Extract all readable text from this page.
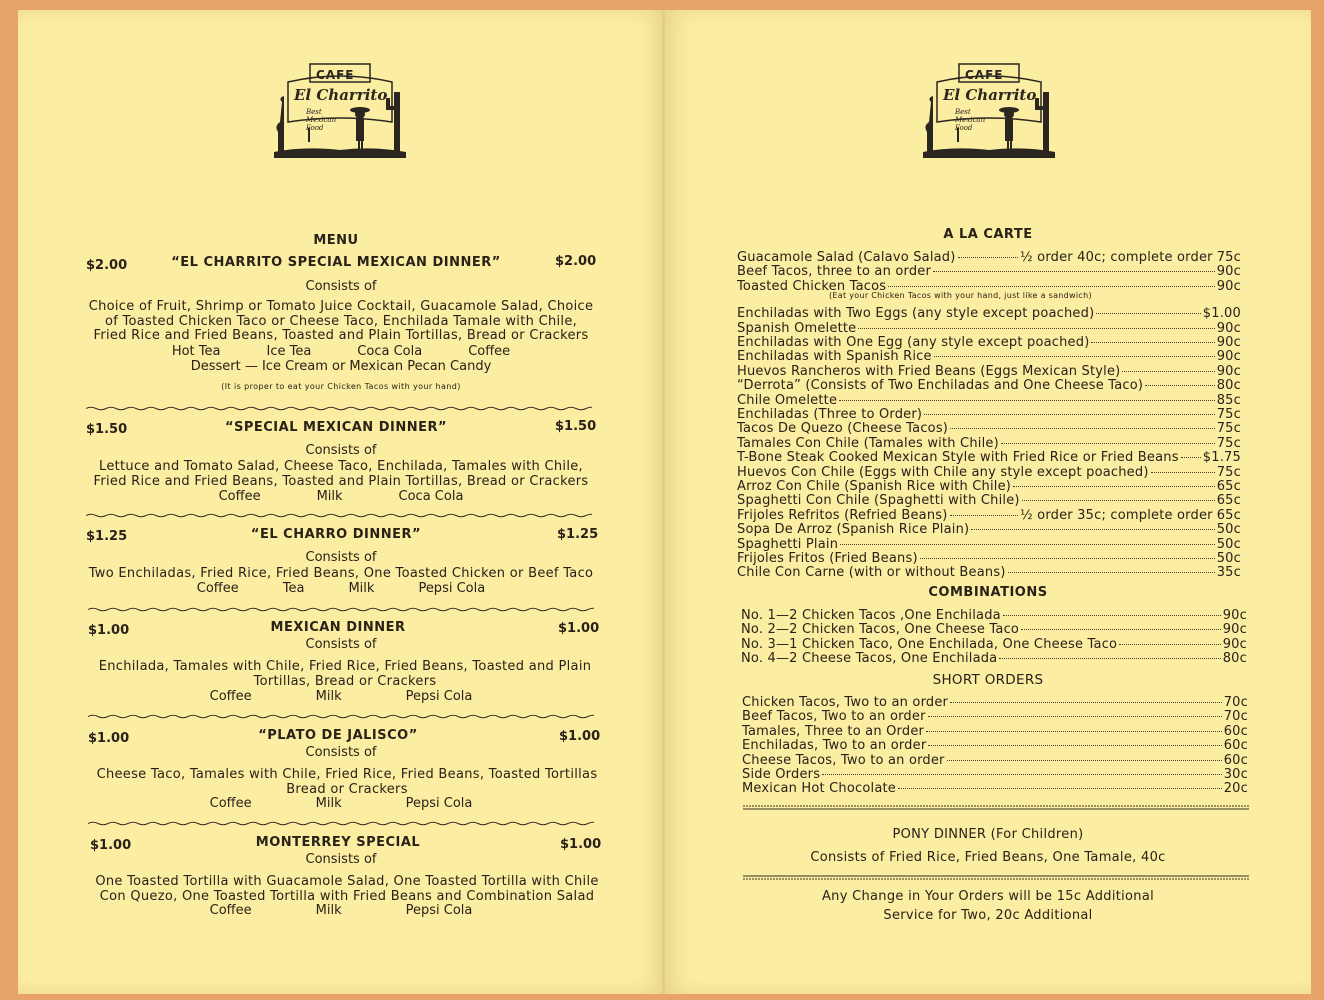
CAFE
El Charrito
Best Mexican Food
MENU
$2.00	“EL CHARRITO SPECIAL MEXICAN DINNER”	$2.00
Consists of
Choice of Fruit, Shrimp or Tomato Juice Cocktail, Guacamole Salad, Choice
of Toasted Chicken Taco or Cheese Taco, Enchilada Tamale with Chile,
Fried Rice and Fried Beans, Toasted and Plain Tortillas, Bread or Crackers
Hot Tea	Ice Tea	Coca Cola	Coffee
Dessert — Ice Cream or Mexican Pecan Candy
(It is proper to eat your Chicken Tacos with your hand)
$1.50	“SPECIAL MEXICAN DINNER”	$1.50
Consists of
Lettuce and Tomato Salad, Cheese Taco, Enchilada, Tamales with Chile,
Fried Rice and Fried Beans, Toasted and Plain Tortillas, Bread or Crackers
Coffee	Milk	Coca Cola
$1.25	“EL CHARRO DINNER”	$1.25
Consists of
Two Enchiladas, Fried Rice, Fried Beans, One Toasted Chicken or Beef Taco
Coffee	Tea	Milk	Pepsi Cola
$1.00	MEXICAN DINNER	$1.00
Consists of
Enchilada, Tamales with Chile, Fried Rice, Fried Beans, Toasted and Plain
Tortillas, Bread or Crackers
Coffee	Milk	Pepsi Cola
$1.00	“PLATO DE JALISCO”	$1.00
Consists of
Cheese Taco, Tamales with Chile, Fried Rice, Fried Beans, Toasted Tortillas
Bread or Crackers
Coffee	Milk	Pepsi Cola
$1.00	MONTERREY SPECIAL	$1.00
Consists of
One Toasted Tortilla with Guacamole Salad, One Toasted Tortilla with Chile
Con Quezo, One Toasted Tortilla with Fried Beans and Combination Salad
Coffee	Milk	Pepsi Cola
CAFE
El Charrito
Best Mexican Food
A LA CARTE
Guacamole Salad (Calavo Salad)	½ order 40c; complete order 75c
Beef Tacos, three to an order	90c
Toasted Chicken Tacos	90c
Enchiladas with Two Eggs (any style except poached)	$1.00
Spanish Omelette	90c
Enchiladas with One Egg (any style except poached)	90c
Enchiladas with Spanish Rice	90c
Huevos Rancheros with Fried Beans (Eggs Mexican Style)	90c
“Derrota” (Consists of Two Enchiladas and One Cheese Taco)	80c
Chile Omelette	85c
Enchiladas (Three to Order)	75c
Tacos De Quezo (Cheese Tacos)	75c
Tamales Con Chile (Tamales with Chile)	75c
T-Bone Steak Cooked Mexican Style with Fried Rice or Fried Beans $1.75
Huevos Con Chile (Eggs with Chile any style except poached)	75c
Arroz Con Chile (Spanish Rice with Chile)	65c
Spaghetti Con Chile (Spaghetti with Chile)	65c
Frijoles Refritos (Refried Beans)	½ order 35c; complete order 65c
Sopa De Arroz (Spanish Rice Plain)	50c
Spaghetti Plain	50c
Frijoles Fritos (Fried Beans)	50c
Chile Con Carne (with or without Beans)	35c
(Eat your Chicken Tacos with your hand, just like a sandwich)
COMBINATIONS
No. 1—2 Chicken Tacos ,One Enchilada	90c
No. 2—2 Chicken Tacos, One Cheese Taco	90c
No. 3—1 Chicken Taco, One Enchilada, One Cheese Taco	90c
No. 4—2 Cheese Tacos, One Enchilada	80c
SHORT ORDERS
Chicken Tacos, Two to an order	70c
Beef Tacos, Two to an order	70c
Tamales, Three to an Order	60c
Enchiladas, Two to an order	60c
Cheese Tacos, Two to an order	60c
Side Orders	30c
Mexican Hot Chocolate	20c
PONY DINNER (For Children)
Consists of Fried Rice, Fried Beans, One Tamale, 40c
Any Change in Your Orders will be 15c Additional
Service for Two, 20c Additional
